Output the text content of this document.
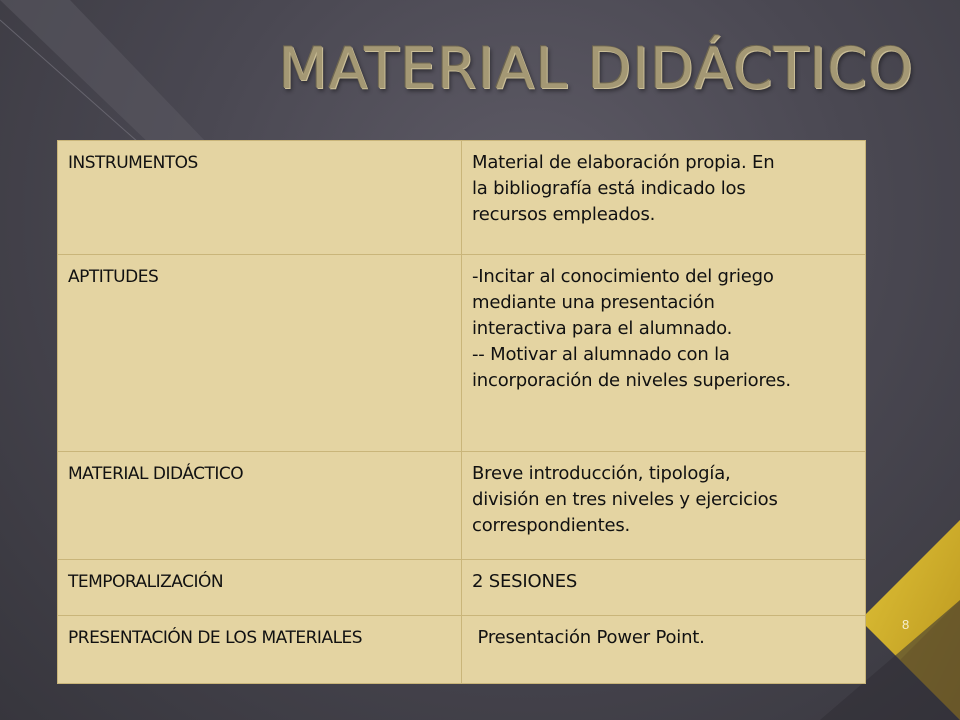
MATERIAL DIDÁCTICO
INSTRUMENTOS	Material de elaboración propia. En
la bibliografía está indicado los
recursos empleados.

APTITUDES	-Incitar al conocimiento del griego
mediante una presentación
interactiva para el alumnado.
-- Motivar al alumnado con la
incorporación de niveles superiores.

MATERIAL DIDÁCTICO	Breve introducción, tipología,
división en tres niveles y ejercicios
correspondientes.

TEMPORALIZACIÓN	2 SESIONES

PRESENTACIÓN DE LOS MATERIALES	Presentación Power Point.
8
